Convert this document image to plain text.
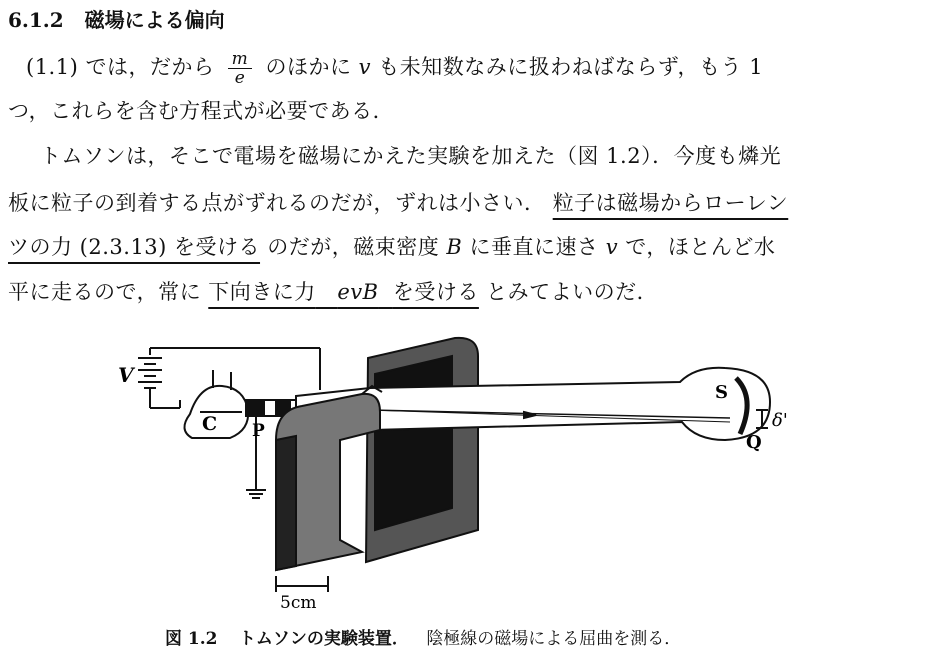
6.1.2 磁場による偏向
(1.1) では，だから $\frac{m}{e}$ のほかに v も未知数なみに扱わねばならず，もう 1
つ，これらを含む方程式が必要である．
トムソンは，そこで電場を磁場にかえた実験を加えた（図 1.2）．今度も燐光
板に粒子の到着する点がずれるのだが，ずれは小さい． 粒子は磁場からローレン
ツの力 (2.3.13) を受ける のだが，磁束密度 B に垂直に速さ v で，ほとんど水
平に走るので，常に 下向きに力 evB を受ける とみてよいのだ．
V
C P
S
Q
δ'
5cm
図 1.2 トムソンの実験装置． 陰極線の磁場による屈曲を測る．
